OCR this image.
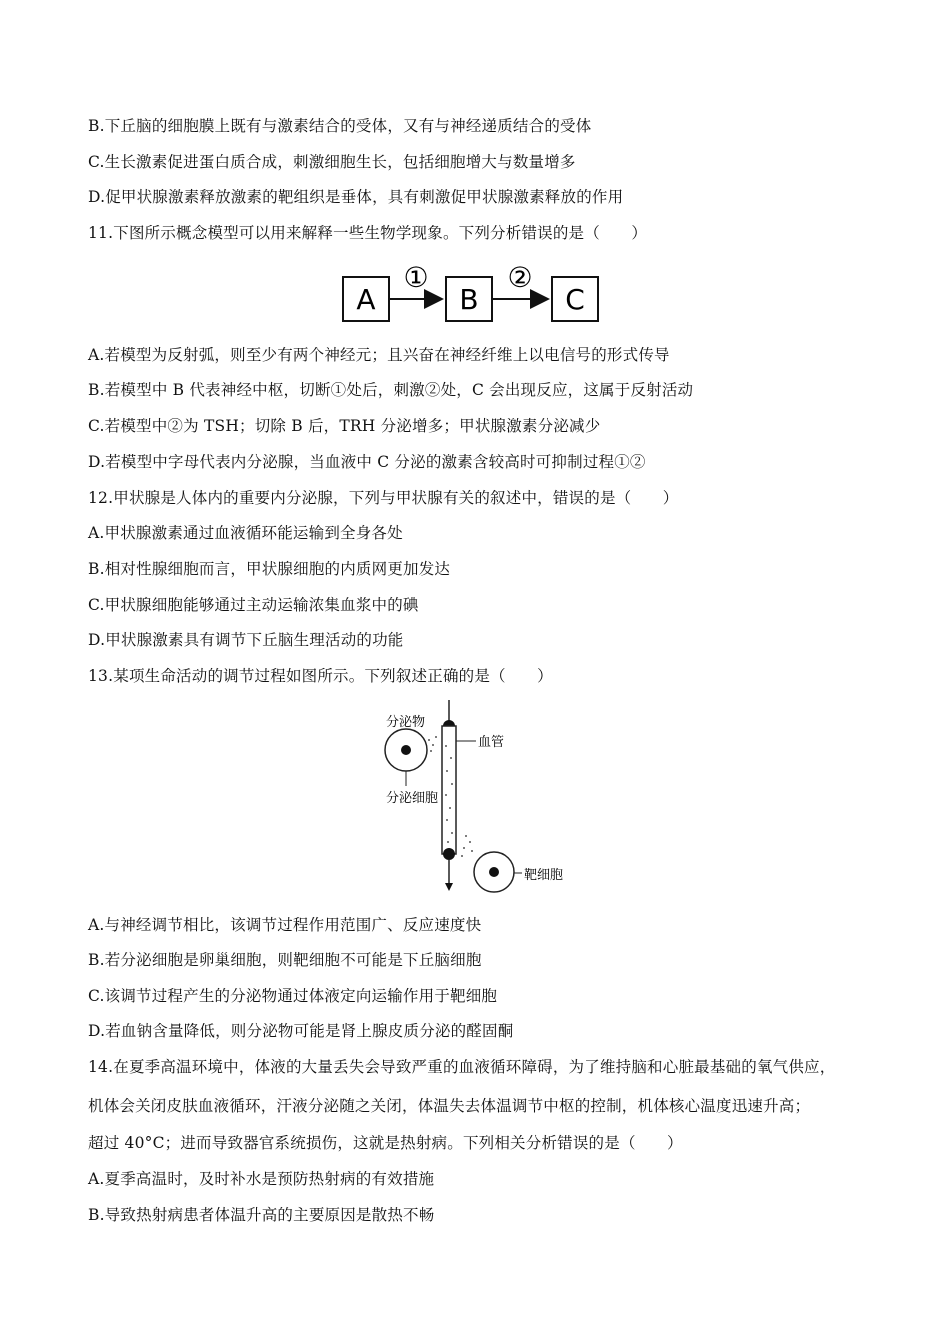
B.下丘脑的细胞膜上既有与激素结合的受体，又有与神经递质结合的受体
C.生长激素促进蛋白质合成，刺激细胞生长，包括细胞增大与数量增多
D.促甲状腺激素释放激素的靶组织是垂体，具有刺激促甲状腺激素释放的作用
11.下图所示概念模型可以用来解释一些生物学现象。下列分析错误的是（　　）
A
①
B
②
C
A.若模型为反射弧，则至少有两个神经元；且兴奋在神经纤维上以电信号的形式传导
B.若模型中 B 代表神经中枢，切断①处后，刺激②处，C 会出现反应，这属于反射活动
C.若模型中②为 TSH；切除 B 后，TRH 分泌增多；甲状腺激素分泌减少
D.若模型中字母代表内分泌腺，当血液中 C 分泌的激素含较高时可抑制过程①②
12.甲状腺是人体内的重要内分泌腺，下列与甲状腺有关的叙述中，错误的是（　　）
A.甲状腺激素通过血液循环能运输到全身各处
B.相对性腺细胞而言，甲状腺细胞的内质网更加发达
C.甲状腺细胞能够通过主动运输浓集血浆中的碘
D.甲状腺激素具有调节下丘脑生理活动的功能
13.某项生命活动的调节过程如图所示。下列叙述正确的是（　　）
分泌物
分泌细胞
血管
靶细胞
A.与神经调节相比，该调节过程作用范围广、反应速度快
B.若分泌细胞是卵巢细胞，则靶细胞不可能是下丘脑细胞
C.该调节过程产生的分泌物通过体液定向运输作用于靶细胞
D.若血钠含量降低，则分泌物可能是肾上腺皮质分泌的醛固酮
14.在夏季高温环境中，体液的大量丢失会导致严重的血液循环障碍，为了维持脑和心脏最基础的氧气供应，
机体会关闭皮肤血液循环，汗液分泌随之关闭，体温失去体温调节中枢的控制，机体核心温度迅速升高；
超过 40°C；进而导致器官系统损伤，这就是热射病。下列相关分析错误的是（　　）
A.夏季高温时，及时补水是预防热射病的有效措施
B.导致热射病患者体温升高的主要原因是散热不畅
